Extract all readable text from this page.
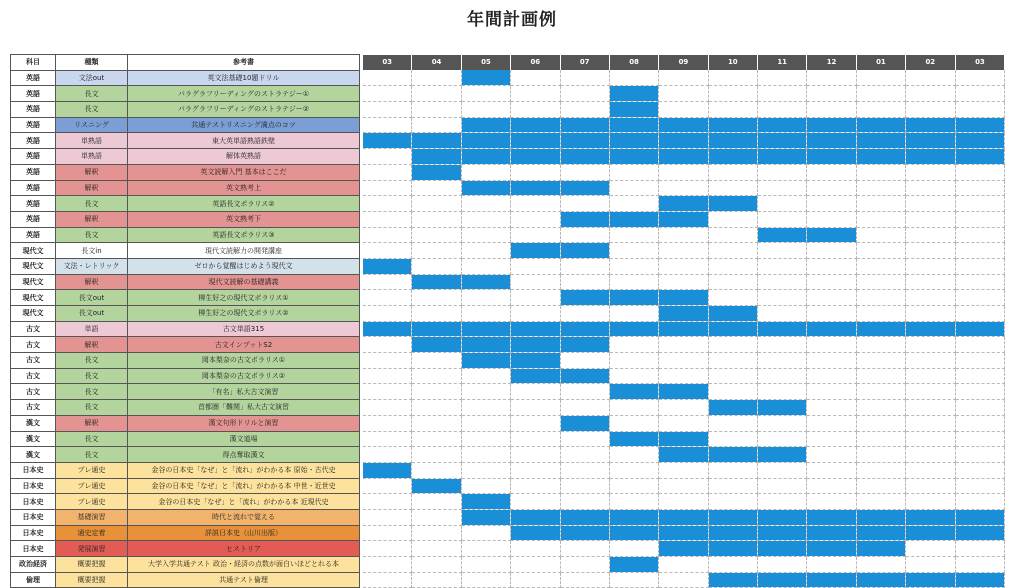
年間計画例
科目	種類	参考書		03	04	05	06	07	08	09	10	11	12	01	02	03
英語	文法out	英文法基礎10題ドリル														
英語	長文	パラグラフリーディングのストラテジー①														
英語	長文	パラグラフリーディングのストラテジー②														
英語	リスニング	共通テストリスニング満点のコツ														
英語	単熟語	東大英単語熟語鉄壁														
英語	単熟語	解体英熟語														
英語	解釈	英文読解入門 基本はここだ														
英語	解釈	英文熟考上														
英語	長文	英語長文ポラリス②														
英語	解釈	英文熟考下														
英語	長文	英語長文ポラリス③														
現代文	長文in	現代文読解力の開発講座														
現代文	文法・レトリック	ゼロから覚醒はじめよう現代文														
現代文	解釈	現代文読解の基礎講義														
現代文	長文out	柳生好之の現代文ポラリス①														
現代文	長文out	柳生好之の現代文ポラリス②														
古文	単語	古文単語315														
古文	解釈	古文インプットS2														
古文	長文	岡本梨奈の古文ポラリス①														
古文	長文	岡本梨奈の古文ポラリス②														
古文	長文	「有名」私大古文演習														
古文	長文	首都圏「難関」私大古文演習														
漢文	解釈	漢文句形ドリルと演習														
漢文	長文	漢文道場														
漢文	長文	得点奪取漢文														
日本史	プレ通史	金谷の日本史「なぜ」と「流れ」がわかる本 原始・古代史														
日本史	プレ通史	金谷の日本史「なぜ」と「流れ」がわかる本 中世・近世史														
日本史	プレ通史	金谷の日本史「なぜ」と「流れ」がわかる本 近現代史														
日本史	基礎演習	時代と流れで覚える														
日本史	通史定着	詳説日本史（山川出版）														
日本史	発展演習	ヒストリア														
政治経済	概要把握	大学入学共通テスト 政治・経済の点数が面白いほどとれる本														
倫理	概要把握	共通テスト倫理														
